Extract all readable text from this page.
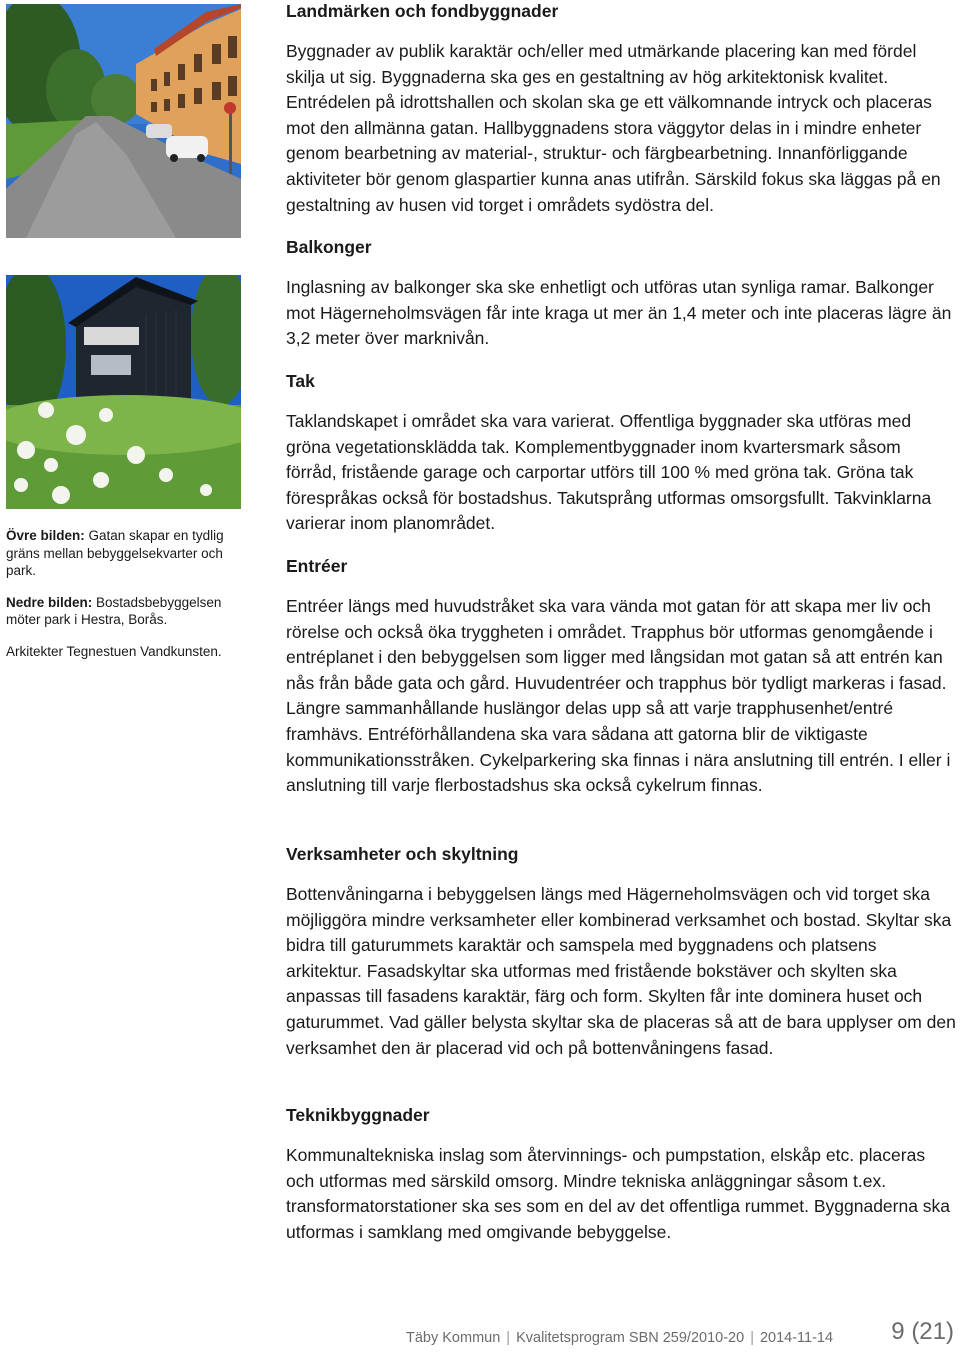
Övre bilden: Gatan skapar en tydlig gräns mellan bebyggelsekvarter och park.

Nedre bilden: Bostadsbebyggelsen möter park i Hestra, Borås.

Arkitekter Tegnestuen Vandkunsten.

Landmärken och fondbyggnader

Byggnader av publik karaktär och/eller med utmärkande placering kan med fördel skilja ut sig. Byggnaderna ska ges en gestaltning av hög arkitektonisk kvalitet. Entrédelen på idrottshallen och skolan ska ge ett välkomnande intryck och placeras mot den allmänna gatan. Hallbyggnadens stora väggytor delas in i mindre enheter genom bearbetning av material-, struktur- och färgbearbetning. Innanförliggande aktiviteter bör genom glaspartier kunna anas utifrån. Särskild fokus ska läggas på en gestaltning av husen vid torget i områdets sydöstra del.

Balkonger

Inglasning av balkonger ska ske enhetligt och utföras utan synliga ramar. Balkonger mot Hägerneholmsvägen får inte kraga ut mer än 1,4 meter och inte placeras lägre än 3,2 meter över marknivån.

Tak

Taklandskapet i området ska vara varierat. Offentliga byggnader ska utföras med gröna vegetationsklädda tak. Komplementbyggnader inom kvartersmark såsom förråd, fristående garage och carportar utförs till 100 % med gröna tak. Gröna tak förespråkas också för bostadshus. Takutsprång utformas omsorgsfullt. Takvinklarna varierar inom planområdet.

Entréer

Entréer längs med huvudstråket ska vara vända mot gatan för att skapa mer liv och rörelse och också öka tryggheten i området. Trapphus bör utformas genomgående i entréplanet i den bebyggelsen som ligger med långsidan mot gatan så att entrén kan nås från både gata och gård. Huvudentréer och trapphus bör tydligt markeras i fasad. Längre sammanhållande huslängor delas upp så att varje trapphusenhet/entré framhävs. Entréförhållandena ska vara sådana att gatorna blir de viktigaste kommunikationsstråken. Cykelparkering ska finnas i nära anslutning till entrén. I eller i anslutning till varje flerbostadshus ska också cykelrum finnas.

Verksamheter och skyltning

Bottenvåningarna i bebyggelsen längs med Hägerneholmsvägen och vid torget ska möjliggöra mindre verksamheter eller kombinerad verksamhet och bostad. Skyltar ska bidra till gaturummets karaktär och samspela med byggnadens och platsens arkitektur. Fasadskyltar ska utformas med fristående bokstäver och skylten ska anpassas till fasadens karaktär, färg och form. Skylten får inte dominera huset och gaturummet. Vad gäller belysta skyltar ska de placeras så att de bara upplyser om den verksamhet den är placerad vid och på bottenvåningens fasad.

Teknikbyggnader

Kommunaltekniska inslag som återvinnings- och pumpstation, elskåp etc. placeras och utformas med särskild omsorg. Mindre tekniska anläggningar såsom t.ex. transformatorstationer ska ses som en del av det offentliga rummet. Byggnaderna ska utformas i samklang med omgivande bebyggelse.

Täby Kommun | Kvalitetsprogram SBN 259/2010-20 | 2014-11-14 9 (21)
